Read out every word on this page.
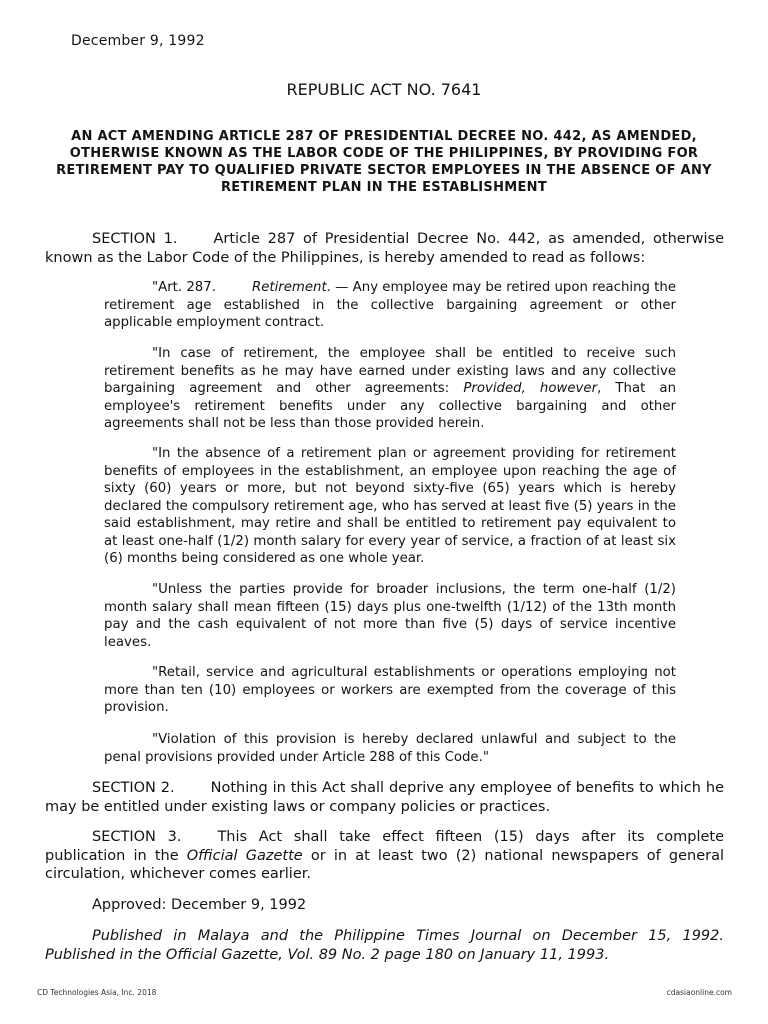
December 9, 1992
REPUBLIC ACT NO. 7641
AN ACT AMENDING ARTICLE 287 OF PRESIDENTIAL DECREE NO. 442, AS AMENDED, OTHERWISE KNOWN AS THE LABOR CODE OF THE PHILIPPINES, BY PROVIDING FOR RETIREMENT PAY TO QUALIFIED PRIVATE SECTOR EMPLOYEES IN THE ABSENCE OF ANY RETIREMENT PLAN IN THE ESTABLISHMENT
SECTION 1. Article 287 of Presidential Decree No. 442, as amended, otherwise known as the Labor Code of the Philippines, is hereby amended to read as follows:
"Art. 287.	Retirement. — Any employee may be retired upon reaching the retirement age established in the collective bargaining agreement or other applicable employment contract.
"In case of retirement, the employee shall be entitled to receive such retirement benefits as he may have earned under existing laws and any collective bargaining agreement and other agreements: Provided, however, That an employee's retirement benefits under any collective bargaining and other agreements shall not be less than those provided herein.
"In the absence of a retirement plan or agreement providing for retirement benefits of employees in the establishment, an employee upon reaching the age of sixty (60) years or more, but not beyond sixty-five (65) years which is hereby declared the compulsory retirement age, who has served at least five (5) years in the said establishment, may retire and shall be entitled to retirement pay equivalent to at least one-half (1/2) month salary for every year of service, a fraction of at least six (6) months being considered as one whole year.
"Unless the parties provide for broader inclusions, the term one-half (1/2) month salary shall mean fifteen (15) days plus one-twelfth (1/12) of the 13th month pay and the cash equivalent of not more than five (5) days of service incentive leaves.
"Retail, service and agricultural establishments or operations employing not more than ten (10) employees or workers are exempted from the coverage of this provision.
"Violation of this provision is hereby declared unlawful and subject to the penal provisions provided under Article 288 of this Code."
SECTION 2. Nothing in this Act shall deprive any employee of benefits to which he may be entitled under existing laws or company policies or practices.
SECTION 3. This Act shall take effect fifteen (15) days after its complete publication in the Official Gazette or in at least two (2) national newspapers of general circulation, whichever comes earlier.
Approved: December 9, 1992
Published in Malaya and the Philippine Times Journal on December 15, 1992. Published in the Official Gazette, Vol. 89 No. 2 page 180 on January 11, 1993.
CD Technologies Asia, Inc. 2018	cdasiaonline.com
